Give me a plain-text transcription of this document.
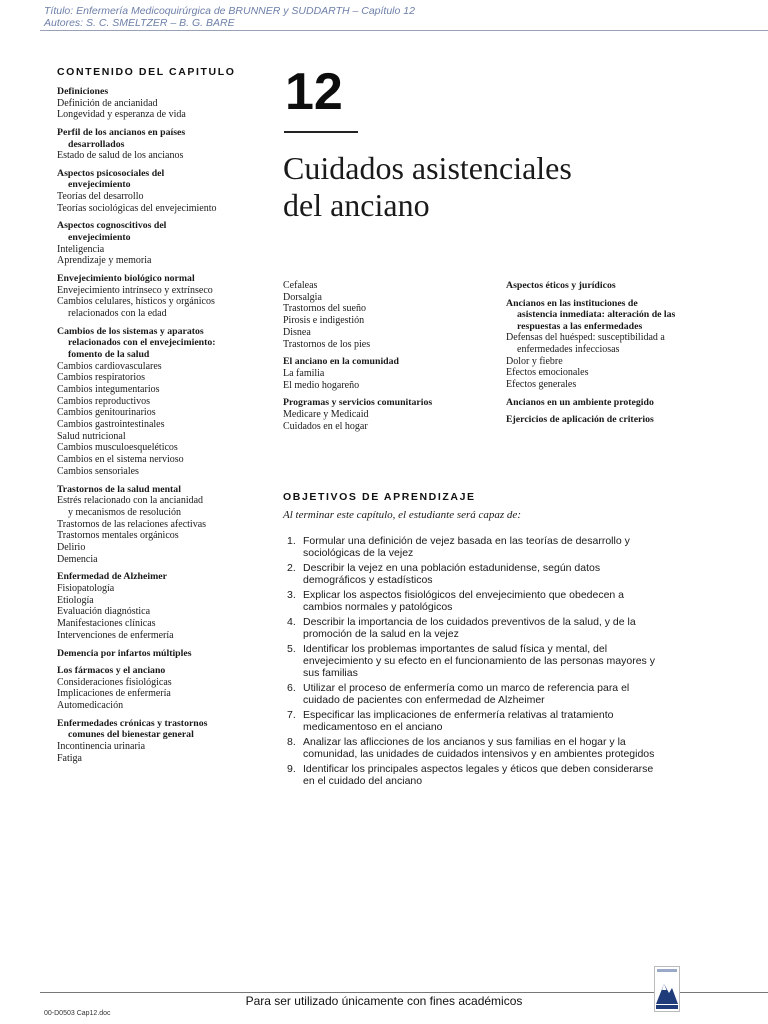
Título: Enfermería Medicoquirúrgica de BRUNNER y SUDDARTH – Capítulo 12
Autores: S. C. SMELTZER – B. G. BARE
CONTENIDO DEL CAPITULO
Definiciones
Definición de ancianidad
Longevidad y esperanza de vida
Perfil de los ancianos en países
desarrollados
Estado de salud de los ancianos
Aspectos psicosociales del
envejecimiento
Teorías del desarrollo
Teorías sociológicas del envejecimiento
Aspectos cognoscitivos del
envejecimiento
Inteligencia
Aprendizaje y memoria
Envejecimiento biológico normal
Envejecimiento intrínseco y extrínseco
Cambios celulares, hísticos y orgánicos
relacionados con la edad
Cambios de los sistemas y aparatos
relacionados con el envejecimiento:
fomento de la salud
Cambios cardiovasculares
Cambios respiratorios
Cambios integumentarios
Cambios reproductivos
Cambios genitourinarios
Cambios gastrointestinales
Salud nutricional
Cambios musculoesqueléticos
Cambios en el sistema nervioso
Cambios sensoriales
Trastornos de la salud mental
Estrés relacionado con la ancianidad
y mecanismos de resolución
Trastornos de las relaciones afectivas
Trastornos mentales orgánicos
Delirio
Demencia
Enfermedad de Alzheimer
Fisiopatología
Etiología
Evaluación diagnóstica
Manifestaciones clínicas
Intervenciones de enfermería
Demencia por infartos múltiples
Los fármacos y el anciano
Consideraciones fisiológicas
Implicaciones de enfermería
Automedicación
Enfermedades crónicas y trastornos
comunes del bienestar general
Incontinencia urinaria
Fatiga
12
Cuidados asistenciales
del anciano
Cefaleas
Dorsalgia
Trastornos del sueño
Pirosis e indigestión
Disnea
Trastornos de los pies
El anciano en la comunidad
La familia
El medio hogareño
Programas y servicios comunitarios
Medicare y Medicaid
Cuidados en el hogar
Aspectos éticos y jurídicos
Ancianos en las instituciones de
asistencia inmediata: alteración de las
respuestas a las enfermedades
Defensas del huésped: susceptibilidad a
enfermedades infecciosas
Dolor y fiebre
Efectos emocionales
Efectos generales
Ancianos en un ambiente protegido
Ejercicios de aplicación de criterios
OBJETIVOS DE APRENDIZAJE
Al terminar este capítulo, el estudiante será capaz de:
1. Formular una definición de vejez basada en las teorías de desarrollo y
sociológicas de la vejez
2. Describir la vejez en una población estadunidense, según datos
demográficos y estadísticos
3. Explicar los aspectos fisiológicos del envejecimiento que obedecen a
cambios normales y patológicos
4. Describir la importancia de los cuidados preventivos de la salud, y de la
promoción de la salud en la vejez
5. Identificar los problemas importantes de salud física y mental, del
envejecimiento y su efecto en el funcionamiento de las personas mayores y
sus familias
6. Utilizar el proceso de enfermería como un marco de referencia para el
cuidado de pacientes con enfermedad de Alzheimer
7. Especificar las implicaciones de enfermería relativas al tratamiento
medicamentoso en el anciano
8. Analizar las aflicciones de los ancianos y sus familias en el hogar y la
comunidad, las unidades de cuidados intensivos y en ambientes protegidos
9. Identificar los principales aspectos legales y éticos que deben considerarse
en el cuidado del anciano
Para ser utilizado únicamente con fines académicos
00-D0503 Cap12.doc
